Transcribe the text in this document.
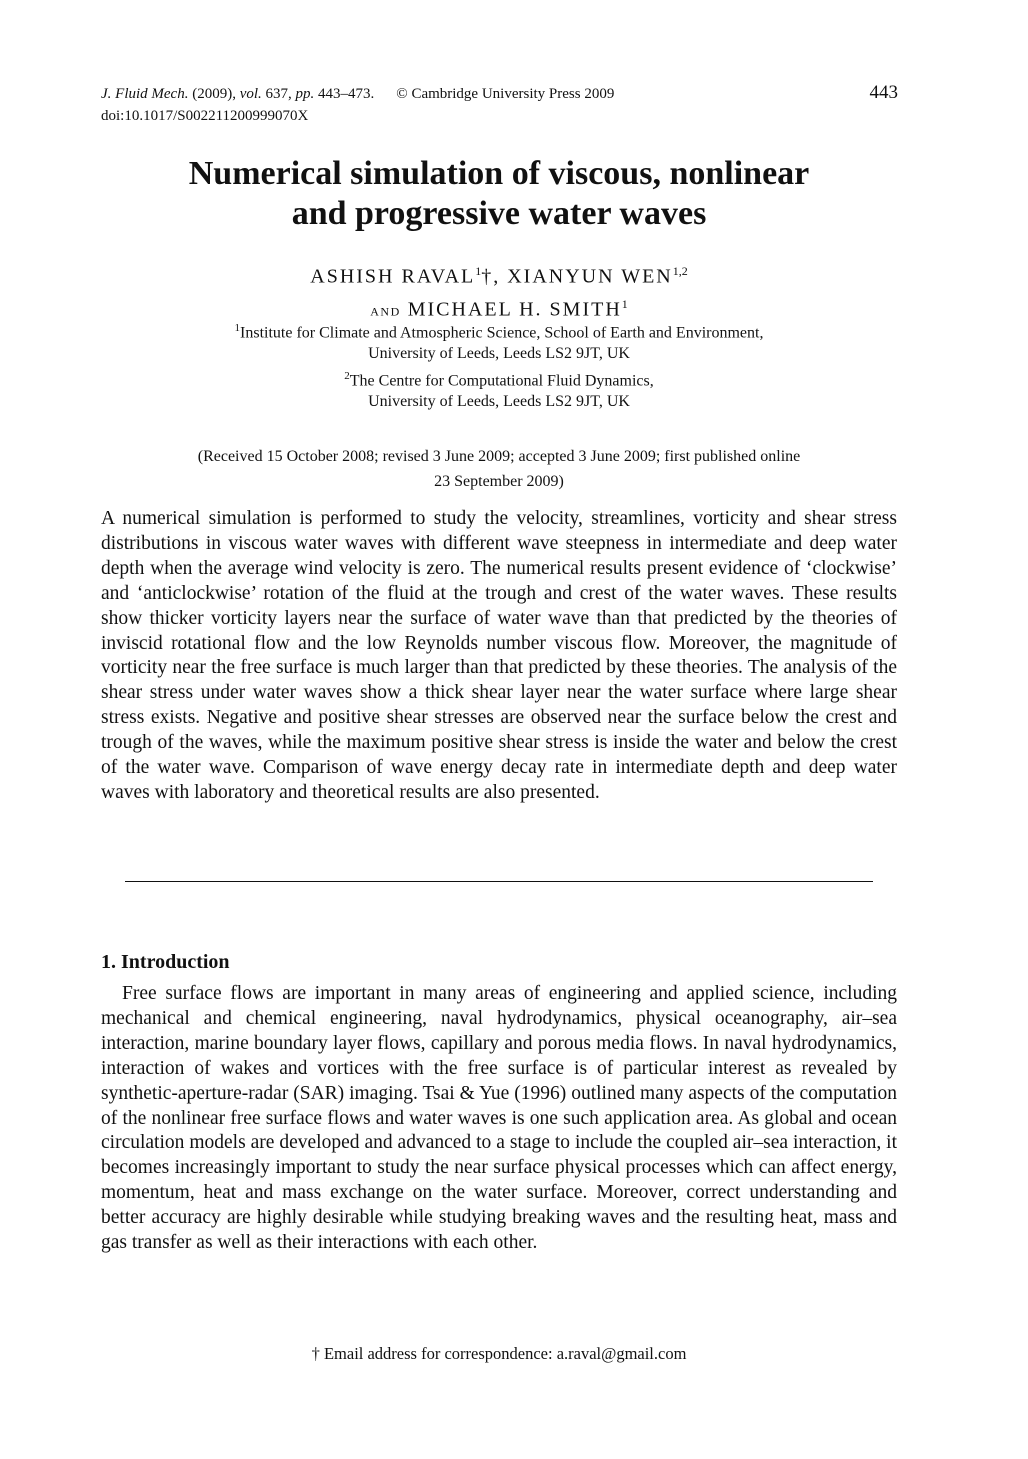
J. Fluid Mech. (2009), vol. 637, pp. 443–473. © Cambridge University Press 2009
doi:10.1017/S002211200999070X
443
Numerical simulation of viscous, nonlinear
and progressive water waves
ASHISH RAVAL$^1$†, XIANYUN WEN$^{1,2}$
and MICHAEL H. SMITH$^1$
$^1$Institute for Climate and Atmospheric Science, School of Earth and Environment,
University of Leeds, Leeds LS2 9JT, UK
$^2$The Centre for Computational Fluid Dynamics,
University of Leeds, Leeds LS2 9JT, UK
(Received 15 October 2008; revised 3 June 2009; accepted 3 June 2009; first published online
23 September 2009)
A numerical simulation is performed to study the velocity, streamlines, vorticity and shear stress distributions in viscous water waves with different wave steepness in intermediate and deep water depth when the average wind velocity is zero. The numerical results present evidence of ‘clockwise’ and ‘anticlockwise’ rotation of the fluid at the trough and crest of the water waves. These results show thicker vorticity layers near the surface of water wave than that predicted by the theories of inviscid rotational flow and the low Reynolds number viscous flow. Moreover, the magnitude of vorticity near the free surface is much larger than that predicted by these theories. The analysis of the shear stress under water waves show a thick shear layer near the water surface where large shear stress exists. Negative and positive shear stresses are observed near the surface below the crest and trough of the waves, while the maximum positive shear stress is inside the water and below the crest of the water wave. Comparison of wave energy decay rate in intermediate depth and deep water waves with laboratory and theoretical results are also presented.
1. Introduction
Free surface flows are important in many areas of engineering and applied science, including mechanical and chemical engineering, naval hydrodynamics, physical oceanography, air–sea interaction, marine boundary layer flows, capillary and porous media flows. In naval hydrodynamics, interaction of wakes and vortices with the free surface is of particular interest as revealed by synthetic-aperture-radar (SAR) imaging. Tsai & Yue (1996) outlined many aspects of the computation of the nonlinear free surface flows and water waves is one such application area. As global and ocean circulation models are developed and advanced to a stage to include the coupled air–sea interaction, it becomes increasingly important to study the near surface physical processes which can affect energy, momentum, heat and mass exchange on the water surface. Moreover, correct understanding and better accuracy are highly desirable while studying breaking waves and the resulting heat, mass and gas transfer as well as their interactions with each other.
† Email address for correspondence: a.raval@gmail.com
